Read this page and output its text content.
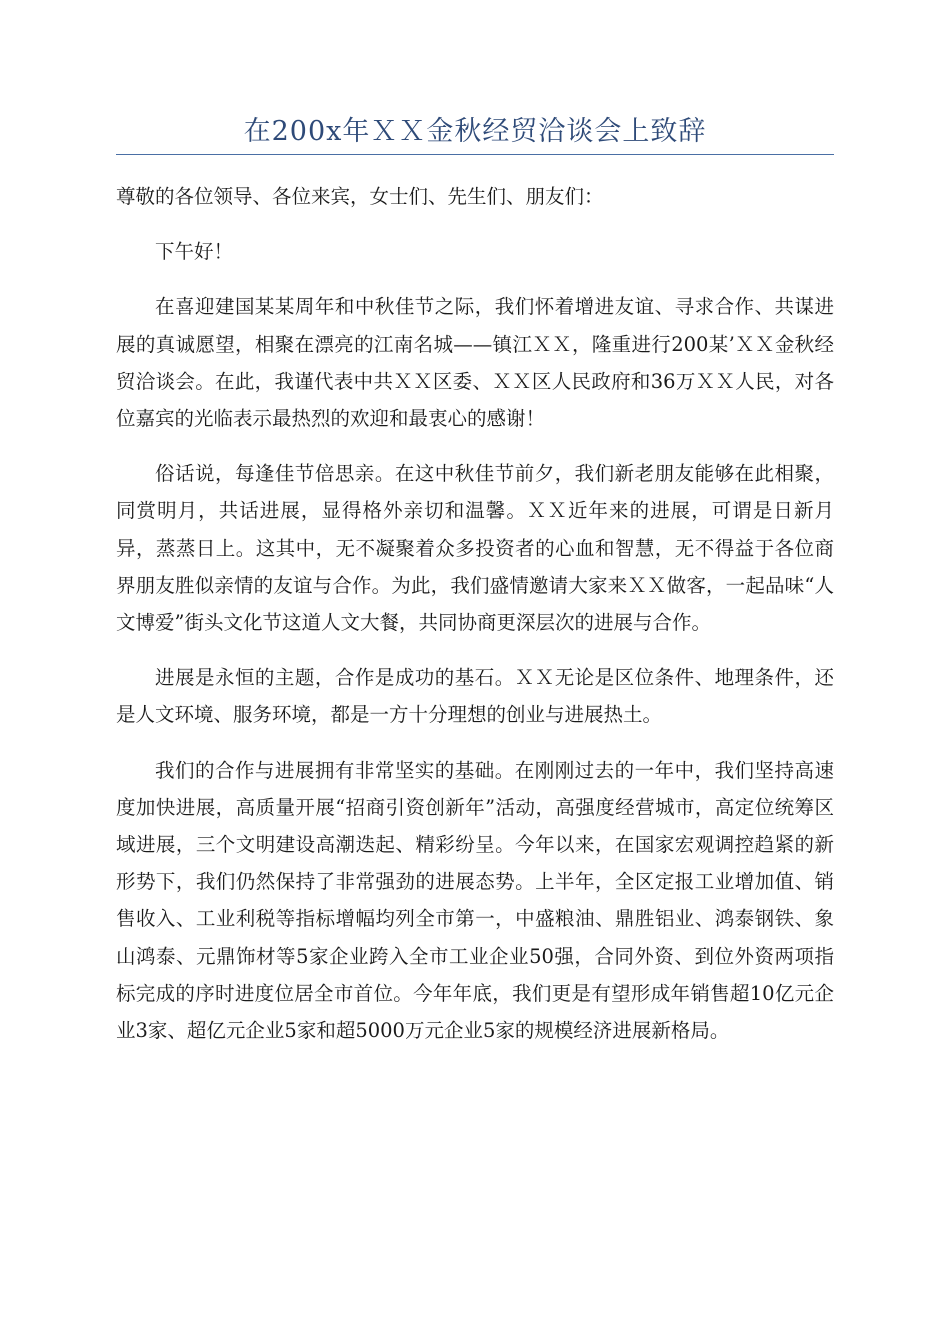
在200x年ＸＸ金秋经贸洽谈会上致辞

尊敬的各位领导、各位来宾，女士们、先生们、朋友们：

下午好！

在喜迎建国某某周年和中秋佳节之际，我们怀着增进友谊、寻求合作、共谋进展的真诚愿望，相聚在漂亮的江南名城——镇江ＸＸ，隆重进行200某’ＸＸ金秋经贸洽谈会。在此，我谨代表中共ＸＸ区委、ＸＸ区人民政府和36万ＸＸ人民，对各位嘉宾的光临表示最热烈的欢迎和最衷心的感谢！

俗话说，每逢佳节倍思亲。在这中秋佳节前夕，我们新老朋友能够在此相聚，同赏明月，共话进展，显得格外亲切和温馨。ＸＸ近年来的进展，可谓是日新月异，蒸蒸日上。这其中，无不凝聚着众多投资者的心血和智慧，无不得益于各位商界朋友胜似亲情的友谊与合作。为此，我们盛情邀请大家来ＸＸ做客，一起品味“人文博爱”街头文化节这道人文大餐，共同协商更深层次的进展与合作。

进展是永恒的主题，合作是成功的基石。ＸＸ无论是区位条件、地理条件，还是人文环境、服务环境，都是一方十分理想的创业与进展热土。

我们的合作与进展拥有非常坚实的基础。在刚刚过去的一年中，我们坚持高速度加快进展，高质量开展“招商引资创新年”活动，高强度经营城市，高定位统筹区域进展，三个文明建设高潮迭起、精彩纷呈。今年以来，在国家宏观调控趋紧的新形势下，我们仍然保持了非常强劲的进展态势。上半年，全区定报工业增加值、销售收入、工业利税等指标增幅均列全市第一，中盛粮油、鼎胜铝业、鸿泰钢铁、象山鸿泰、元鼎饰材等5家企业跨入全市工业企业50强，合同外资、到位外资两项指标完成的序时进度位居全市首位。今年年底，我们更是有望形成年销售超10亿元企业3家、超亿元企业5家和超5000万元企业5家的规模经济进展新格局。
